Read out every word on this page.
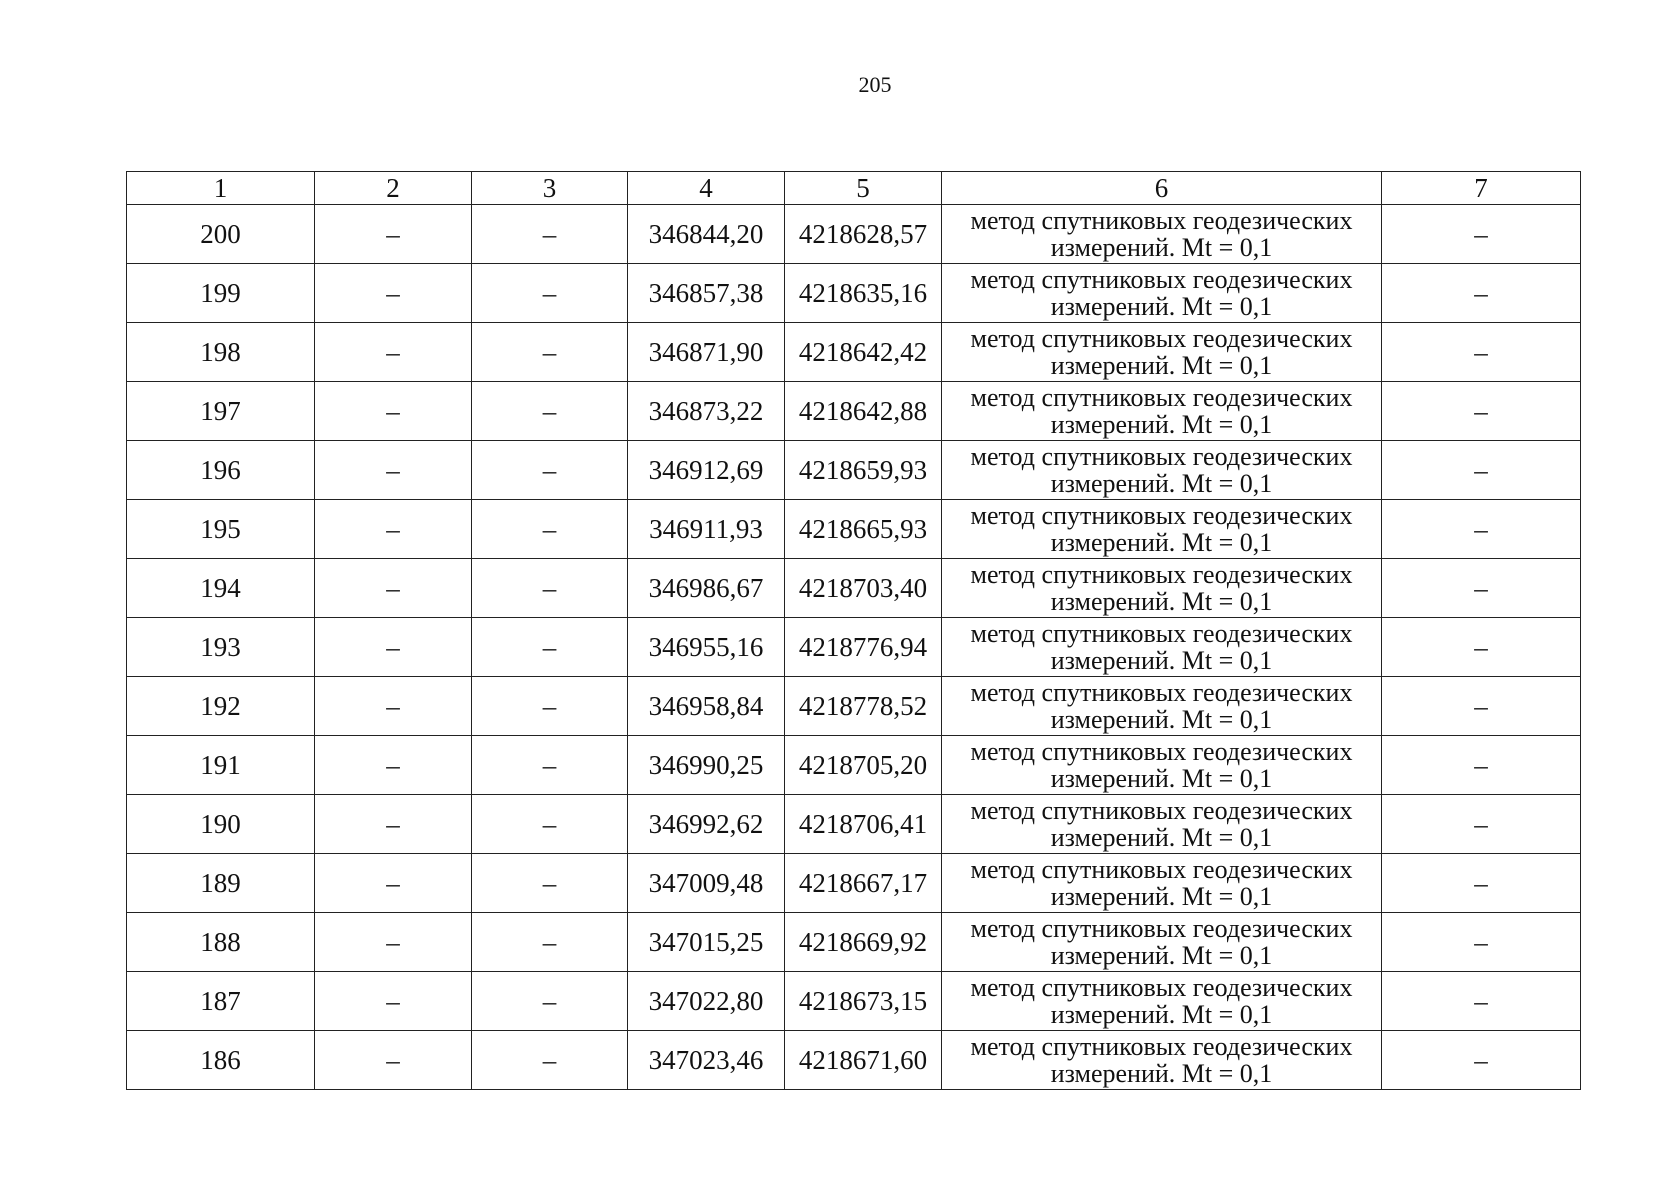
205
1	2	3	4	5	6	7
200	–	–	346844,20	4218628,57	метод спутниковых геодезических
измерений. Mt = 0,1	–
199	–	–	346857,38	4218635,16	метод спутниковых геодезических
измерений. Mt = 0,1	–
198	–	–	346871,90	4218642,42	метод спутниковых геодезических
измерений. Mt = 0,1	–
197	–	–	346873,22	4218642,88	метод спутниковых геодезических
измерений. Mt = 0,1	–
196	–	–	346912,69	4218659,93	метод спутниковых геодезических
измерений. Mt = 0,1	–
195	–	–	346911,93	4218665,93	метод спутниковых геодезических
измерений. Mt = 0,1	–
194	–	–	346986,67	4218703,40	метод спутниковых геодезических
измерений. Mt = 0,1	–
193	–	–	346955,16	4218776,94	метод спутниковых геодезических
измерений. Mt = 0,1	–
192	–	–	346958,84	4218778,52	метод спутниковых геодезических
измерений. Mt = 0,1	–
191	–	–	346990,25	4218705,20	метод спутниковых геодезических
измерений. Mt = 0,1	–
190	–	–	346992,62	4218706,41	метод спутниковых геодезических
измерений. Mt = 0,1	–
189	–	–	347009,48	4218667,17	метод спутниковых геодезических
измерений. Mt = 0,1	–
188	–	–	347015,25	4218669,92	метод спутниковых геодезических
измерений. Mt = 0,1	–
187	–	–	347022,80	4218673,15	метод спутниковых геодезических
измерений. Mt = 0,1	–
186	–	–	347023,46	4218671,60	метод спутниковых геодезических
измерений. Mt = 0,1	–
